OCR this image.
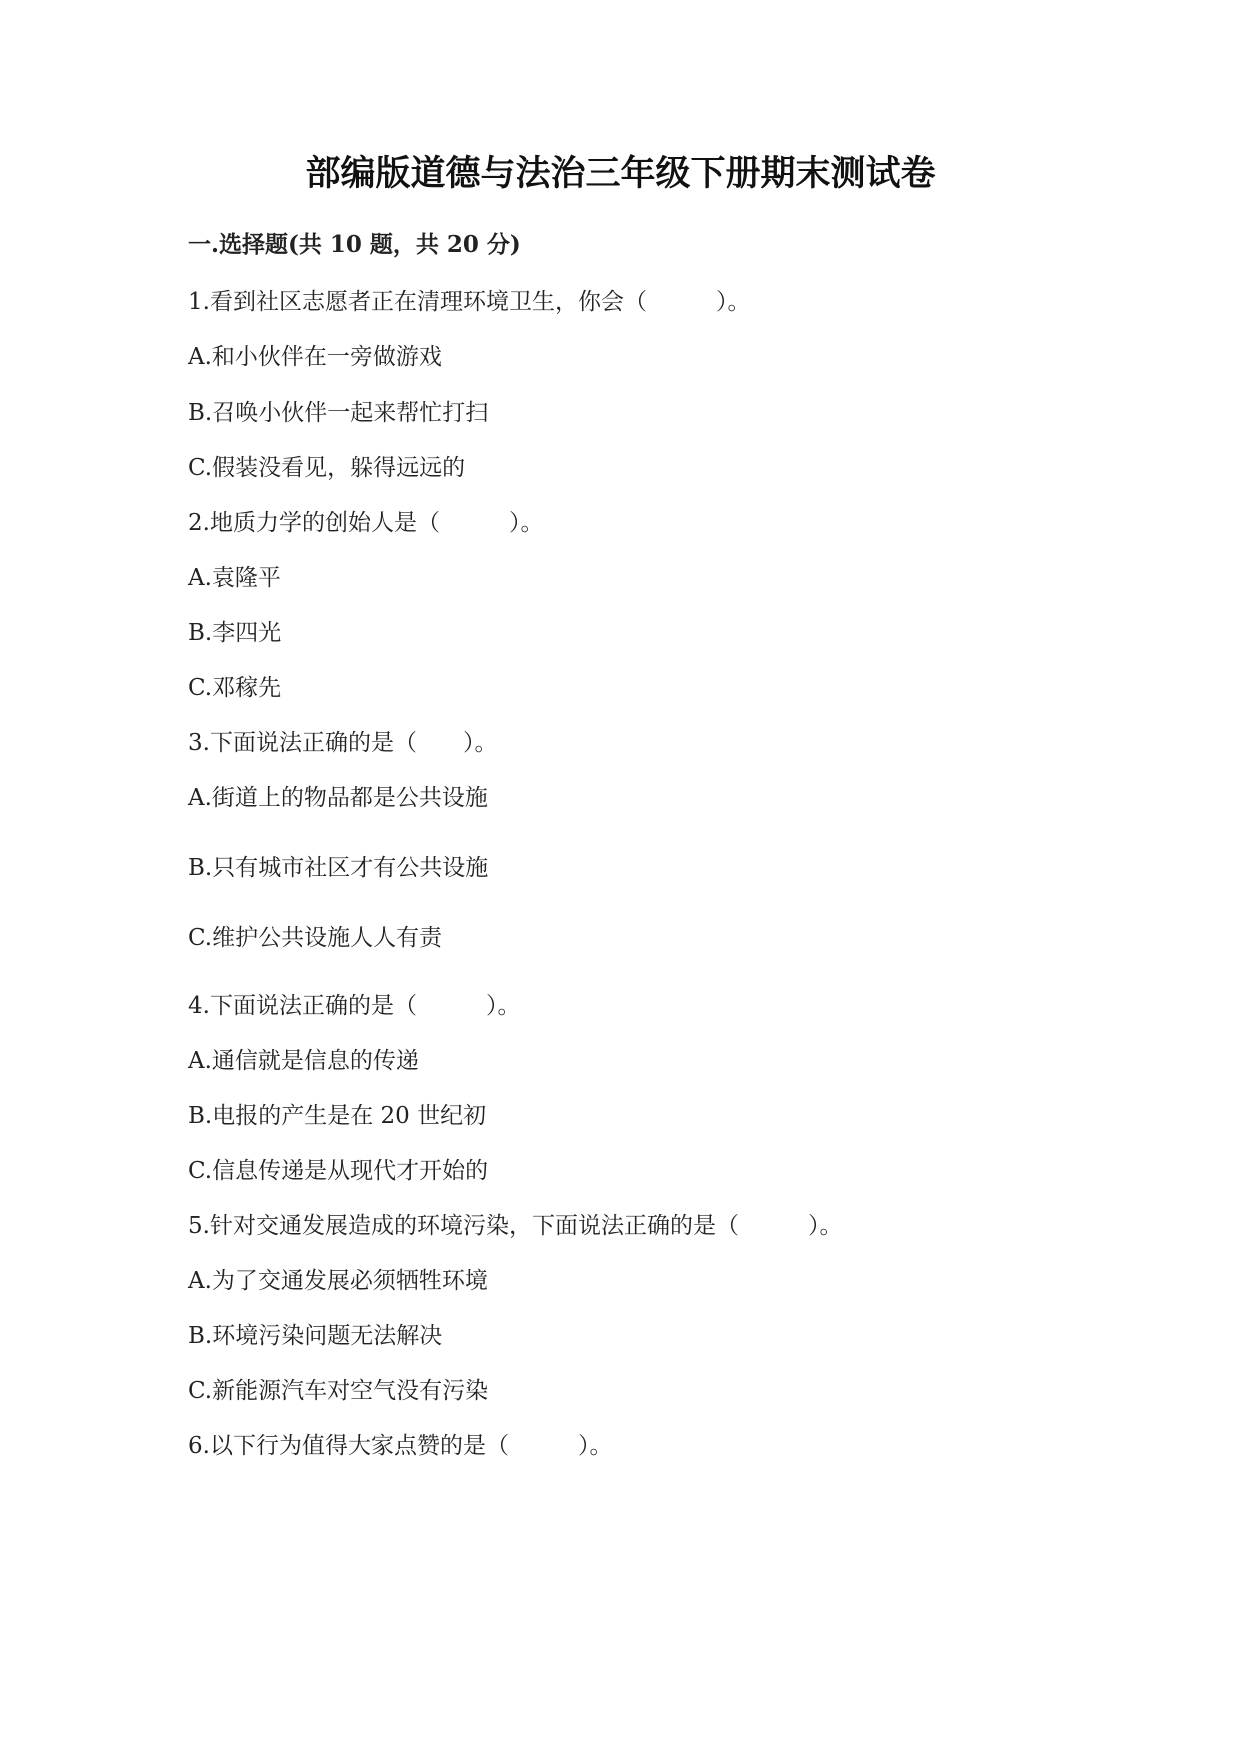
部编版道德与法治三年级下册期末测试卷
一.选择题(共 10 题，共 20 分)
1.看到社区志愿者正在清理环境卫生，你会（　　　）。
A.和小伙伴在一旁做游戏
B.召唤小伙伴一起来帮忙打扫
C.假装没看见，躲得远远的
2.地质力学的创始人是（　　　）。
A.袁隆平
B.李四光
C.邓稼先
3.下面说法正确的是（　　）。
A.街道上的物品都是公共设施
B.只有城市社区才有公共设施
C.维护公共设施人人有责
4.下面说法正确的是（　　　）。
A.通信就是信息的传递
B.电报的产生是在 20 世纪初
C.信息传递是从现代才开始的
5.针对交通发展造成的环境污染，下面说法正确的是（　　　）。
A.为了交通发展必须牺牲环境
B.环境污染问题无法解决
C.新能源汽车对空气没有污染
6.以下行为值得大家点赞的是（　　　）。
